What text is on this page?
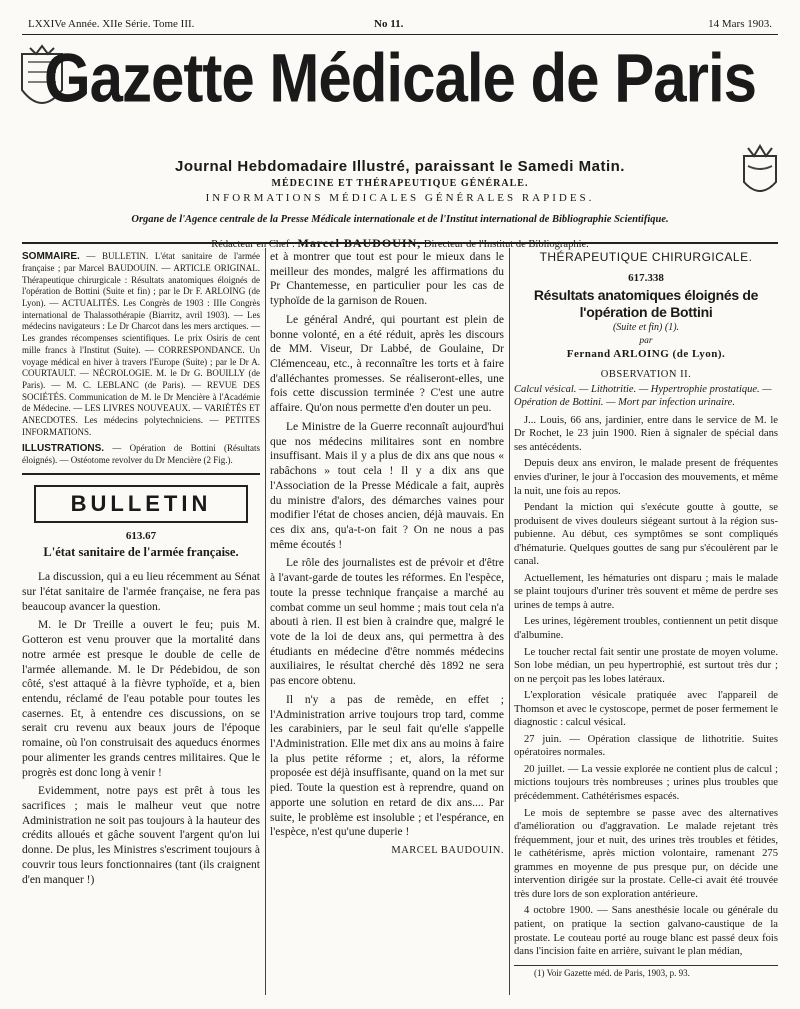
LXXIVe Année. XIIe Série. Tome III.	No 11.	14 Mars 1903.
Gazette Médicale de Paris
Journal Hebdomadaire Illustré, paraissant le Samedi Matin.
MÉDECINE ET THÉRAPEUTIQUE GÉNÉRALE.
INFORMATIONS MÉDICALES GÉNÉRALES RAPIDES.
Organe de l'Agence centrale de la Presse Médicale internationale et de l'Institut international de Bibliographie Scientifique.
Rédacteur en Chef : Marcel BAUDOUIN, Directeur de l'Institut de Bibliographie.
SOMMAIRE. — BULLETIN. L'état sanitaire de l'armée française ; par Marcel BAUDOUIN. — ARTICLE ORIGINAL. Thérapeutique chirurgicale : Résultats anatomiques éloignés de l'opération de Bottini (Suite et fin) ; par le Dr F. ARLOING (de Lyon). — ACTUALITÉS. Les Congrès de 1903 : IIIe Congrès international de Thalassothérapie (Biarritz, avril 1903). — Les médecins navigateurs : Le Dr Charcot dans les mers arctiques. — Les grandes récompenses scientifiques. Le prix Osiris de cent mille francs à l'Institut (Suite). — CORRESPONDANCE. Un voyage médical en hiver à travers l'Europe (Suite) ; par le Dr A. COURTAULT. — NÉCROLOGIE. M. le Dr G. BOUILLY (de Paris). — M. C. LEBLANC (de Paris). — REVUE DES SOCIÉTÉS. Communication de M. le Dr Mencière à l'Académie de Médecine. — LES LIVRES NOUVEAUX. — VARIÉTÉS ET ANECDOTES. Les médecins polytechniciens. — PETITES INFORMATIONS.
ILLUSTRATIONS. — Opération de Bottini (Résultats éloignés). — Ostéotome revolver du Dr Mencière (2 Fig.).
BULLETIN
613.67
L'état sanitaire de l'armée française.

La discussion, qui a eu lieu récemment au Sénat sur l'état sanitaire de l'armée française, ne fera pas beaucoup avancer la question.

M. le Dr Treille a ouvert le feu; puis M. Gotteron est venu prouver que la mortalité dans notre armée est presque le double de celle de l'armée allemande. M. le Dr Pédebidou, de son côté, s'est attaqué à la fièvre typhoïde, et a, bien entendu, réclamé de l'eau potable pour toutes les casernes. Et, à entendre ces discussions, on se serait cru revenu aux beaux jours de l'époque romaine, où l'on construisait des aqueducs énormes pour alimenter les grands centres militaires. Que le progrès est donc long à venir !

Evidemment, notre pays est prêt à tous les sacrifices ; mais le malheur veut que notre Administration ne soit pas toujours à la hauteur des crédits alloués et gâche souvent l'argent qu'on lui donne. De plus, les Ministres s'escriment toujours à couvrir tous leurs fonctionnaires (tant (ils craignent d'en manquer !)

et à montrer que tout est pour le mieux dans le meilleur des mondes, malgré les affirmations du Pr Chantemesse, en particulier pour les cas de typhoïde de la garnison de Rouen.

Le général André, qui pourtant est plein de bonne volonté, en a été réduit, après les discours de MM. Viseur, Dr Labbé, de Goulaine, Dr Clémenceau, etc., à reconnaître les torts et à faire d'alléchantes promesses. Se réaliseront-elles, une fois cette discussion terminée ? C'est une autre affaire. Qu'on nous permette d'en douter un peu.

Le Ministre de la Guerre reconnaît aujourd'hui que nos médecins militaires sont en nombre insuffisant. Mais il y a plus de dix ans que nous « rabâchons » tout cela ! Il y a dix ans que l'Association de la Presse Médicale a fait, auprès du ministre d'alors, des démarches vaines pour modifier l'état de choses ancien, déjà mauvais. En ces dix ans, qu'a-t-on fait ? On ne nous a pas même écoutés !

Le rôle des journalistes est de prévoir et d'être à l'avant-garde de toutes les réformes. En l'espèce, toute la presse technique française a marché au combat comme un seul homme ; mais tout cela n'a abouti à rien. Il est bien à craindre que, malgré le vote de la loi de deux ans, qui permettra à des étudiants en médecine d'être nommés médecins auxiliaires, le résultat cherché dès 1892 ne sera pas encore obtenu.

Il n'y a pas de remède, en effet ; l'Administration arrive toujours trop tard, comme les carabiniers, par le seul fait qu'elle s'appelle l'Administration. Elle met dix ans au moins à faire la plus petite réforme ; et, alors, la réforme proposée est déjà insuffisante, quand on la met sur pied. Toute la question est à reprendre, quand on apporte une solution en retard de dix ans.... Par suite, le problème est insoluble ; et l'espérance, en l'espèce, n'est qu'une duperie !

MARCEL BAUDOUIN.
THÉRAPEUTIQUE CHIRURGICALE.
617.338
Résultats anatomiques éloignés de l'opération de Bottini
(Suite et fin) (1).
par
Fernand ARLOING (de Lyon).
OBSERVATION II.
Calcul vésical. — Lithotritie. — Hypertrophie prostatique. — Opération de Bottini. — Mort par infection urinaire.

J... Louis, 66 ans, jardinier, entre dans le service de M. le Dr Rochet, le 23 juin 1900. Rien à signaler de spécial dans ses antécédents.

Depuis deux ans environ, le malade present de fréquentes envies d'uriner, le jour à l'occasion des mouvements, et même la nuit, une fois au repos.

Pendant la miction qui s'exécute goutte à goutte, se produisent de vives douleurs siégeant surtout à la région sus-pubienne. Au début, ces symptômes se sont compliqués d'hématurie. Quelques gouttes de sang pur s'écoulèrent par le canal.

Actuellement, les hématuries ont disparu ; mais le malade se plaint toujours d'uriner très souvent et même de perdre ses urines de temps à autre.

Les urines, légèrement troubles, contiennent un petit disque d'albumine.

Le toucher rectal fait sentir une prostate de moyen volume. Son lobe médian, un peu hypertrophié, est surtout très dur ; on ne perçoit pas les lobes latéraux.

L'exploration vésicale pratiquée avec l'appareil de Thomson et avec le cystoscope, permet de poser fermement le diagnostic : calcul vésical.

27 juin. — Opération classique de lithotritie. Suites opératoires normales.

20 juillet. — La vessie explorée ne contient plus de calcul ; mictions toujours très nombreuses ; urines plus troubles que précédemment. Cathétérismes espacés.

Le mois de septembre se passe avec des alternatives d'amélioration ou d'aggravation. Le malade rejetant très fréquemment, jour et nuit, des urines très troubles et fétides, le cathétérisme, après miction volontaire, ramenant 275 grammes en moyenne de pus presque pur, on décide une intervention dirigée sur la prostate. Celle-ci avait été trouvée très dure lors de son exploration antérieure.

4 octobre 1900. — Sans anesthésie locale ou générale du patient, on pratique la section galvano-caustique de la prostate. Le couteau porté au rouge blanc est passé deux fois dans l'incision faite en arrière, suivant le plan médian,

(1) Voir Gazette méd. de Paris, 1903, p. 93.
